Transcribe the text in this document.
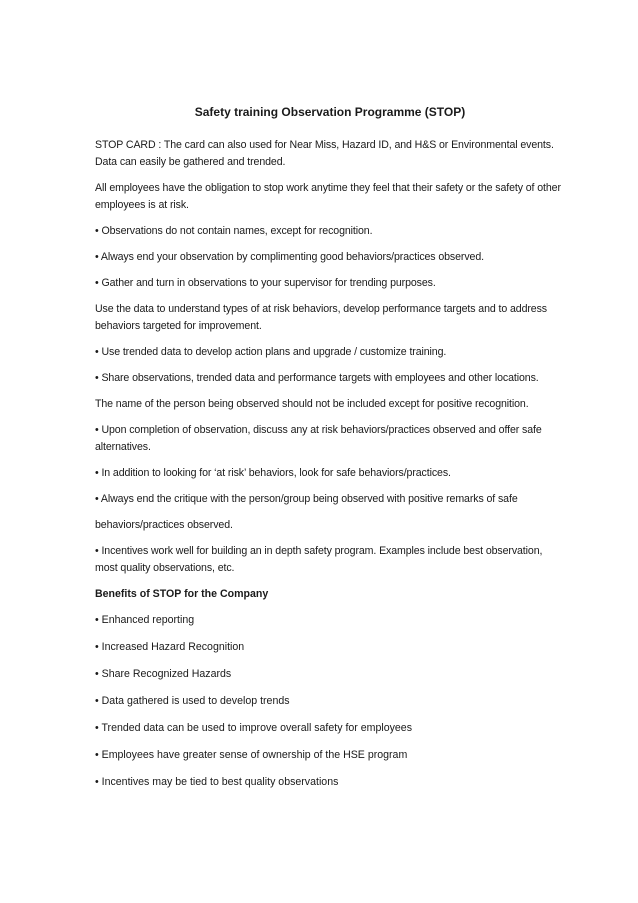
Safety training Observation Programme (STOP)
STOP CARD : The card can also used for Near Miss, Hazard ID, and H&S or Environmental events. Data can easily be gathered and trended.
All employees have the obligation to stop work anytime they feel that their safety or the safety of other employees is at risk.
• Observations do not contain names, except for recognition.
• Always end your observation by complimenting good behaviors/practices observed.
• Gather and turn in observations to your supervisor for trending purposes.
Use the data to understand types of at risk behaviors, develop performance targets and to address behaviors targeted for improvement.
• Use trended data to develop action plans and upgrade / customize training.
• Share observations, trended data and performance targets with employees and other locations.
The name of the person being observed should not be included except for positive recognition.
• Upon completion of observation, discuss any at risk behaviors/practices observed and offer safe alternatives.
• In addition to looking for ‘at risk’ behaviors, look for safe behaviors/practices.
• Always end the critique with the person/group being observed with positive remarks of safe
behaviors/practices observed.
• Incentives work well for building an in depth safety program. Examples include best observation, most quality observations, etc.
Benefits of STOP for the Company
• Enhanced reporting
• Increased Hazard Recognition
• Share Recognized Hazards
• Data gathered is used to develop trends
• Trended data can be used to improve overall safety for employees
• Employees have greater sense of ownership of the HSE program
• Incentives may be tied to best quality observations
